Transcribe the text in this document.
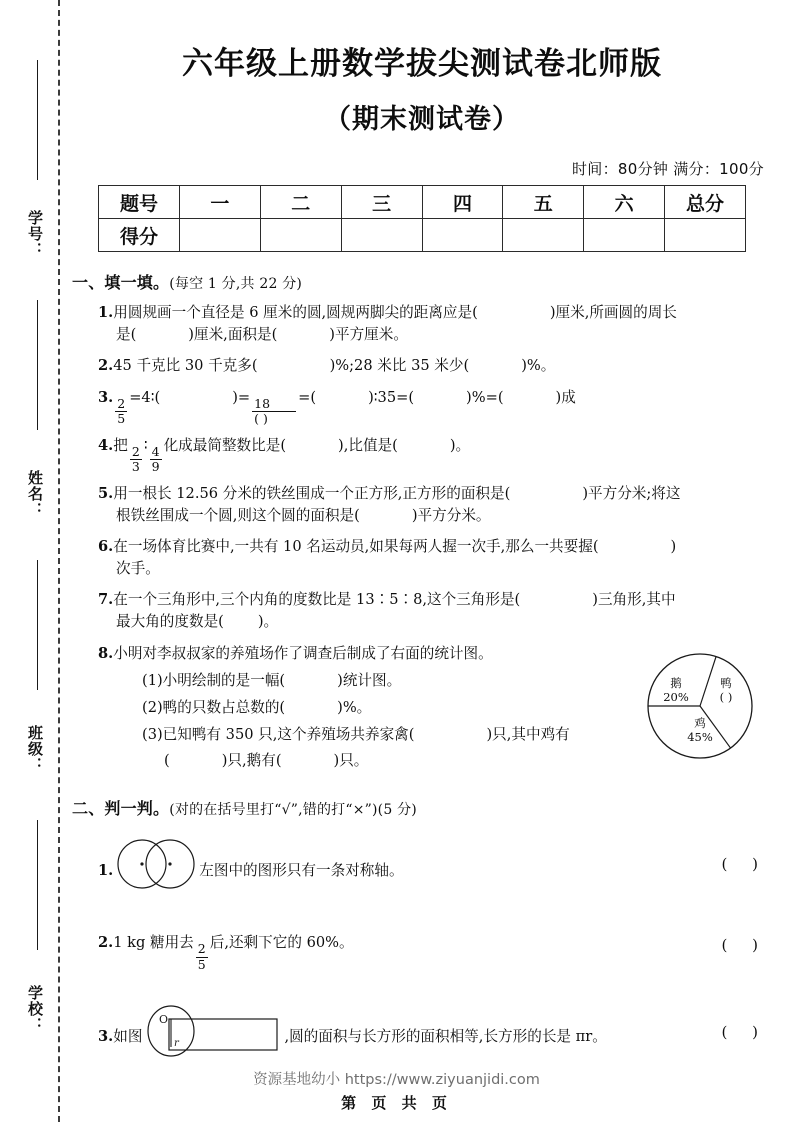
学号：
姓名：
班级：
学校：
六年级上册数学拔尖测试卷北师版
（期末测试卷）
时间：80分钟 满分：100分
题号	一	二	三	四	五	六	总分
得分							
一、填一填。(每空 1 分,共 22 分)
1.用圆规画一个直径是 6 厘米的圆,圆规两脚尖的距离应是(	)厘米,所画圆的周长
是(	)厘米,面积是(	)平方厘米。
2.45 千克比 30 千克多(	)%;28 米比 35 米少(	)%。
3.
$\frac{2}{5}$
=4∶(	)=
$\frac{18}{( )}$
=(	)∶35=(	)%=(	)成
4.把
$\frac{2}{3}$
∶
$\frac{4}{9}$
化成最简整数比是(	),比值是(	)。
5.用一根长 12.56 分米的铁丝围成一个正方形,正方形的面积是(	)平方分米;将这
根铁丝围成一个圆,则这个圆的面积是(	)平方分米。
6.在一场体育比赛中,一共有 10 名运动员,如果每两人握一次手,那么一共要握(	)
次手。
7.在一个三角形中,三个内角的度数比是 13∶5∶8,这个三角形是(	)三角形,其中
最大角的度数是( )。
8.小明对李叔叔家的养殖场作了调查后制成了右面的统计图。
(1)小明绘制的是一幅(	)统计图。
(2)鸭的只数占总数的(	)%。
(3)已知鸭有 350 只,这个养殖场共养家禽(	)只,其中鸡有
(	)只,鹅有(	)只。
鹅
20%
鸭
( )
鸡
45%
二、判一判。(对的在括号里打“√”,错的打“×”)(5 分)
1.	左图中的图形只有一条对称轴。	( )
2.1 kg 糖用去
$\frac{2}{5}$
后,还剩下它的 60%。	( )
3.如图
O
r	,圆的面积与长方形的面积相等,长方形的长是 πr。	( )
资源基地幼小 https://www.ziyuanjidi.com
第 页 共 页
